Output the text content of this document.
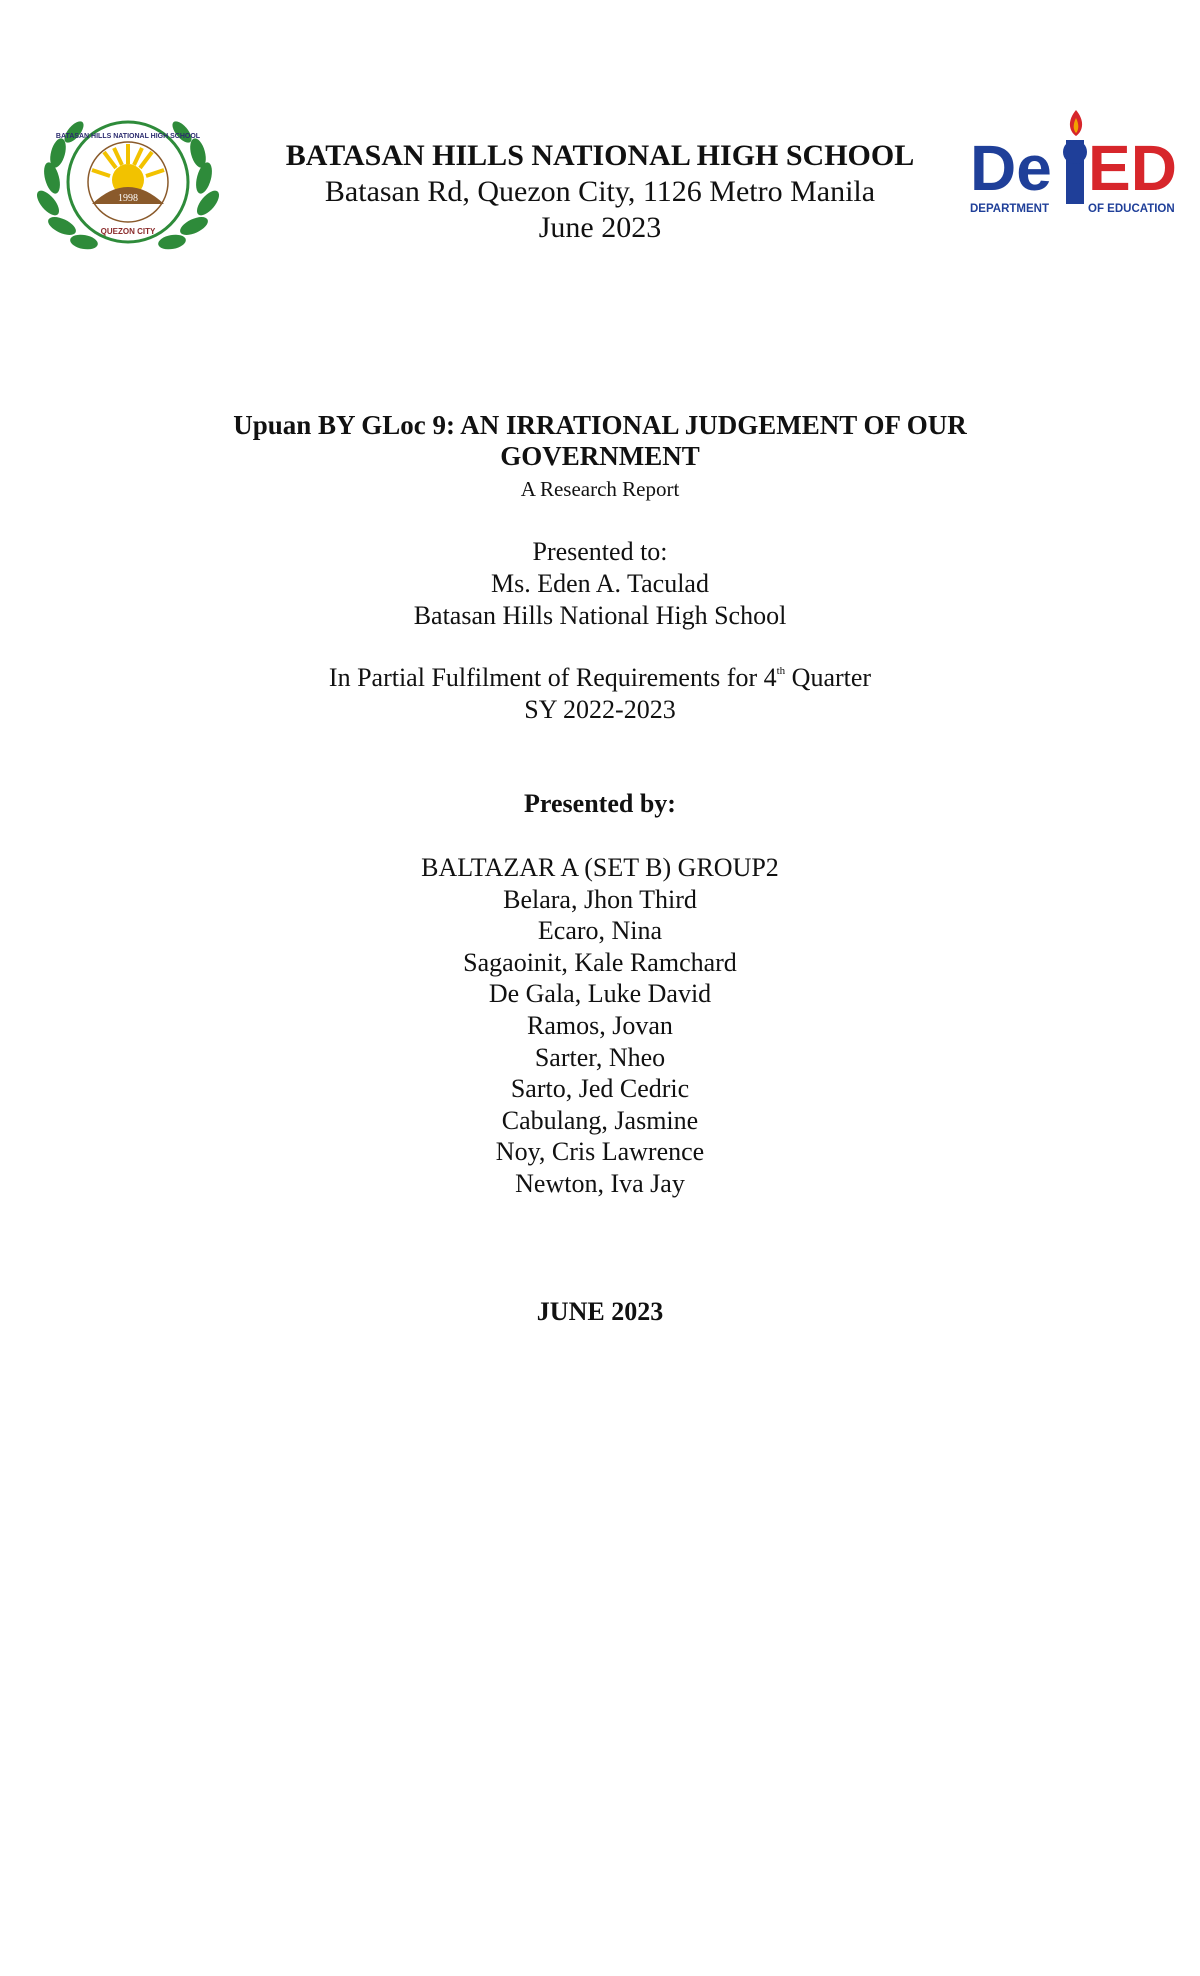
1998
BATASAN HILLS NATIONAL HIGH SCHOOL
QUEZON CITY

BATASAN HILLS NATIONAL HIGH SCHOOL

Batasan Rd, Quezon City, 1126 Metro Manila

June 2023

De ED
DEPARTMENT	OF EDUCATION
Upuan BY GLoc 9: AN IRRATIONAL JUDGEMENT OF OUR
GOVERNMENT
A Research Report
Presented to:
Ms. Eden A. Taculad
Batasan Hills National High School
In Partial Fulfilment of Requirements for 4th Quarter
SY 2022-2023
Presented by:
BALTAZAR A (SET B) GROUP2
Belara, Jhon Third
Ecaro, Nina
Sagaoinit, Kale Ramchard
De Gala, Luke David
Ramos, Jovan
Sarter, Nheo
Sarto, Jed Cedric
Cabulang, Jasmine
Noy, Cris Lawrence
Newton, Iva Jay
JUNE 2023
